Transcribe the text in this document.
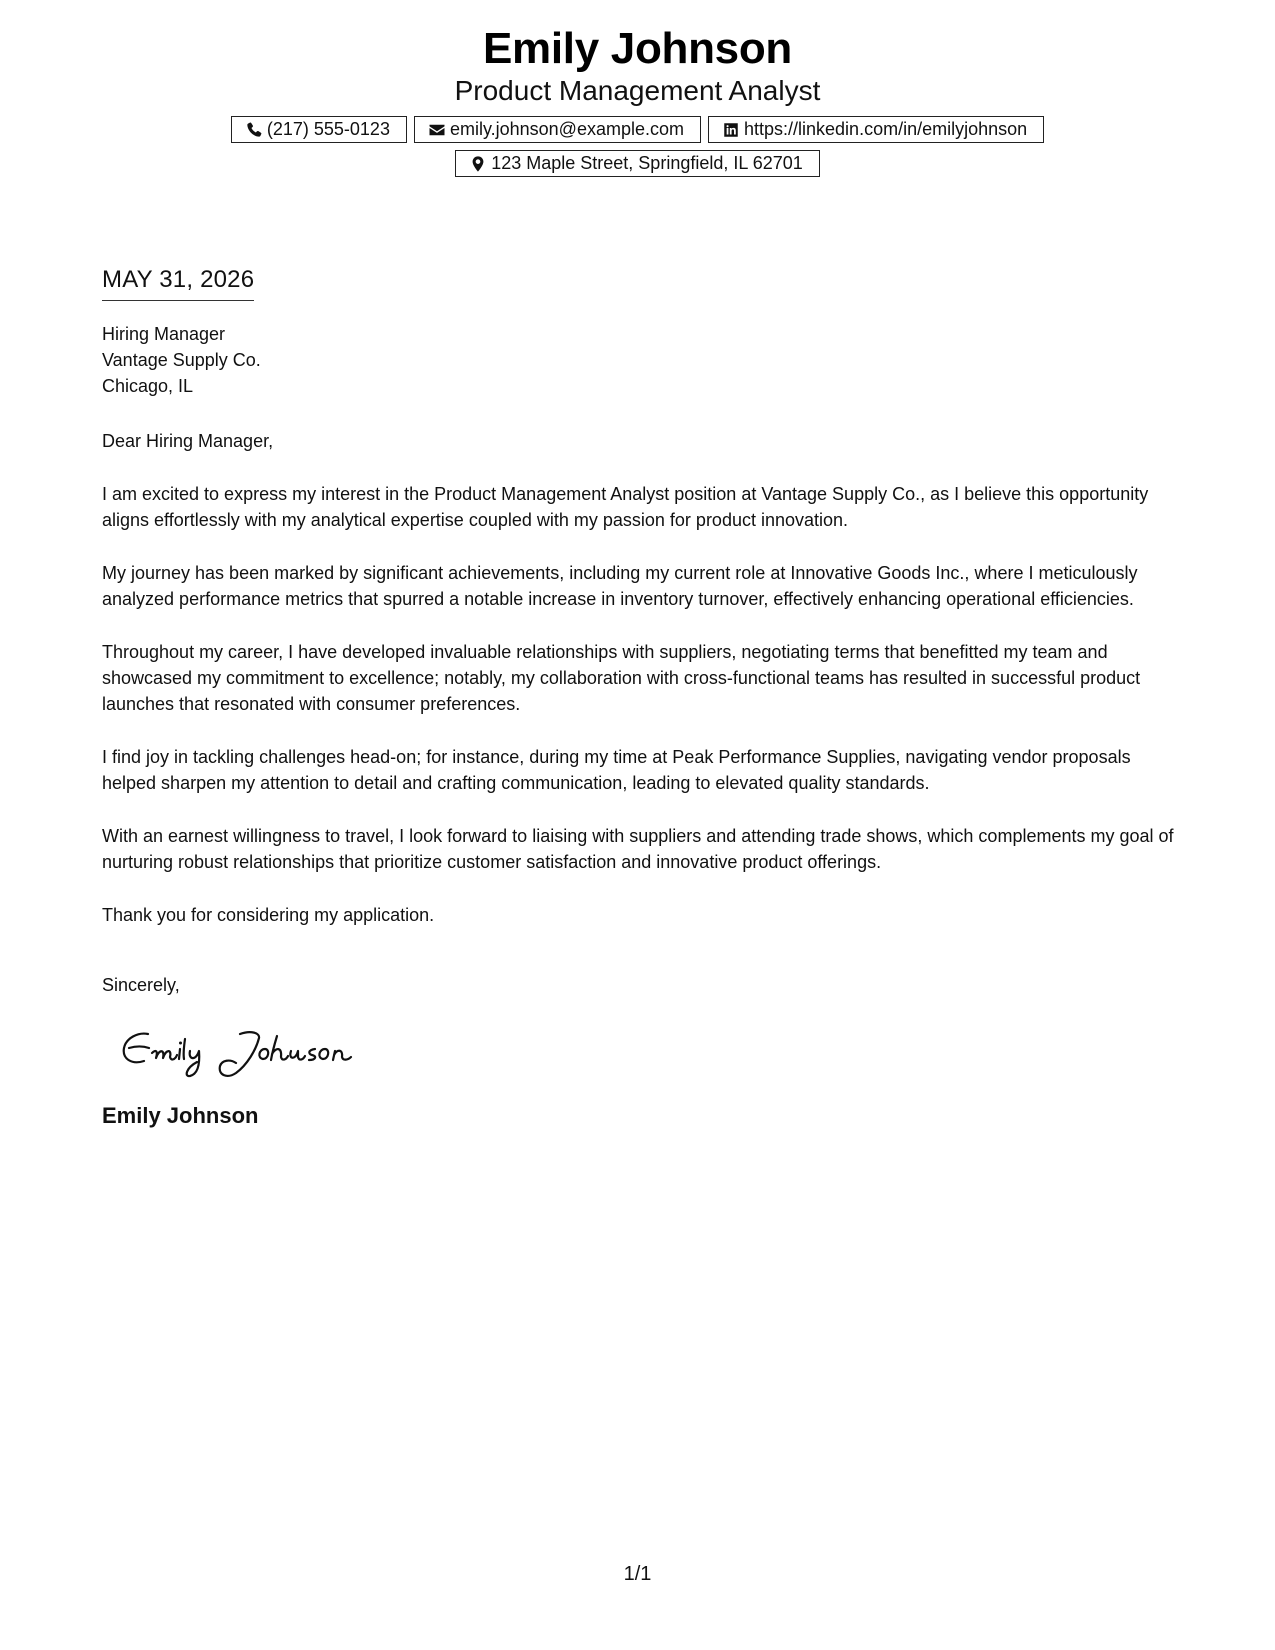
Emily Johnson
Product Management Analyst
(217) 555-0123	emily.johnson@example.com	https://linkedin.com/in/emilyjohnson
123 Maple Street, Springfield, IL 62701
MAY 31, 2026
Hiring Manager
Vantage Supply Co.
Chicago, IL
Dear Hiring Manager,
I am excited to express my interest in the Product Management Analyst position at Vantage Supply Co., as I believe this opportunity aligns effortlessly with my analytical expertise coupled with my passion for product innovation.
My journey has been marked by significant achievements, including my current role at Innovative Goods Inc., where I meticulously analyzed performance metrics that spurred a notable increase in inventory turnover, effectively enhancing operational efficiencies.
Throughout my career, I have developed invaluable relationships with suppliers, negotiating terms that benefitted my team and showcased my commitment to excellence; notably, my collaboration with cross-functional teams has resulted in successful product launches that resonated with consumer preferences.
I find joy in tackling challenges head-on; for instance, during my time at Peak Performance Supplies, navigating vendor proposals helped sharpen my attention to detail and crafting communication, leading to elevated quality standards.
With an earnest willingness to travel, I look forward to liaising with suppliers and attending trade shows, which complements my goal of nurturing robust relationships that prioritize customer satisfaction and innovative product offerings.
Thank you for considering my application.
Sincerely,
Emily Johnson
1/1
